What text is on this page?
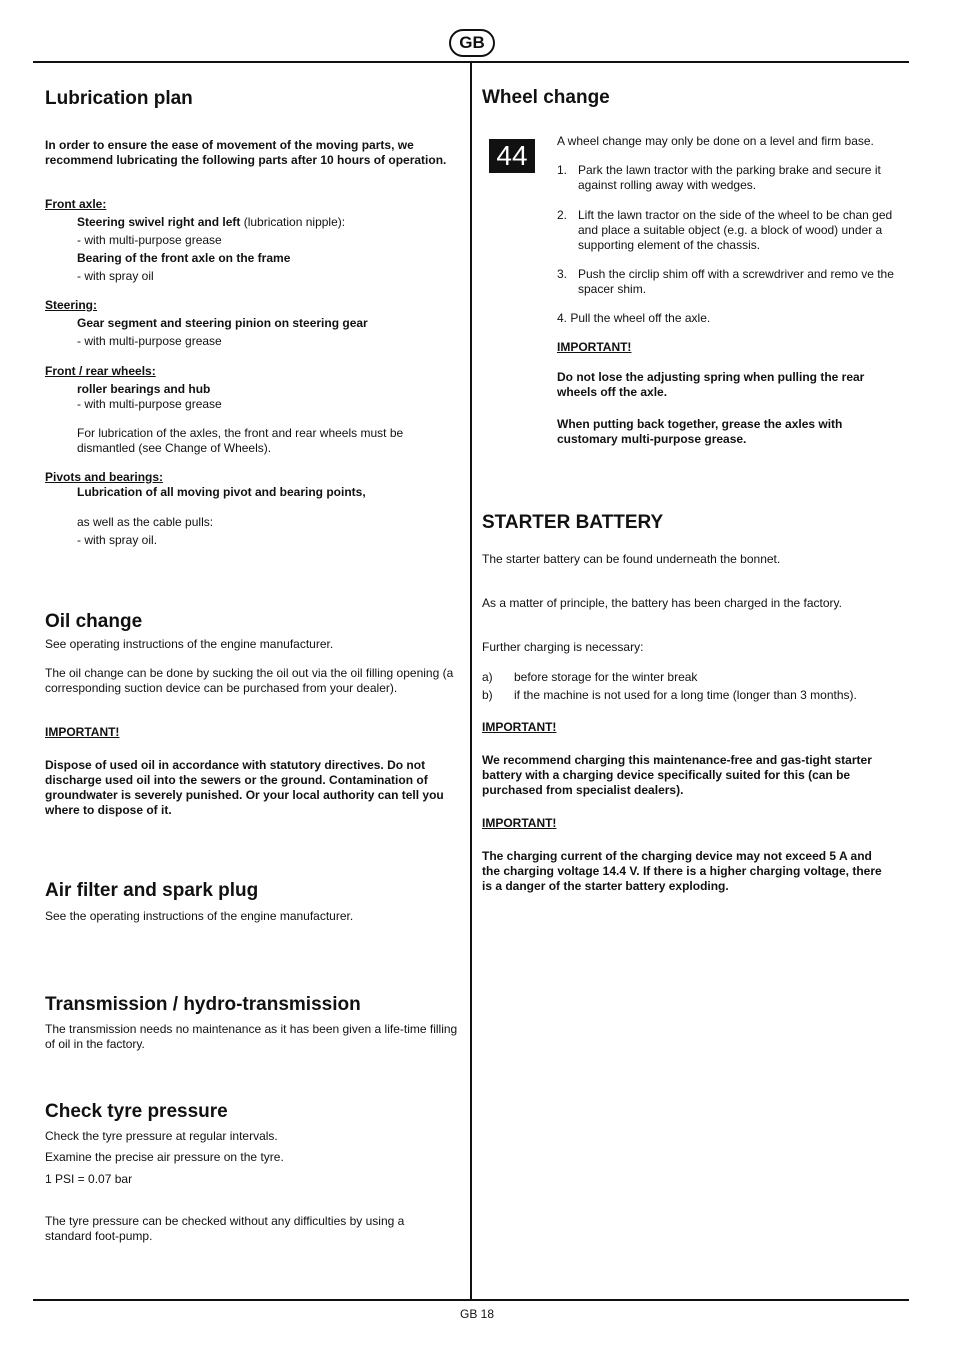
GB
Lubrication plan

In order to ensure the ease of movement of the moving parts, we recommend lubricating the following parts after 10 hours of operation.

Front axle:

Steering swivel right and left (lubrication nipple):

- with multi-purpose grease

Bearing of the front axle on the frame

- with spray oil

Steering:

Gear segment and steering pinion on steering gear

- with multi-purpose grease

Front / rear wheels:

roller bearings and hub

- with multi-purpose grease

For lubrication of the axles, the front and rear wheels must be dismantled (see Change of Wheels).

Pivots and bearings:

Lubrication of all moving pivot and bearing points,

as well as the cable pulls:

- with spray oil.

Oil change

See operating instructions of the engine manufacturer.

The oil change can be done by sucking the oil out via the oil filling opening (a corresponding suction device can be purchased from your dealer).

IMPORTANT!

Dispose of used oil in accordance with statutory directives. Do not discharge used oil into the sewers or the ground. Contamination of groundwater is severely punished. Or your local authority can tell you where to dispose of it.

Air filter and spark plug

See the operating instructions of the engine manufacturer.

Transmission / hydro-transmission

The transmission needs no maintenance as it has been given a life-time filling of oil in the factory.

Check tyre pressure

Check the tyre pressure at regular intervals.

Examine the precise air pressure on the tyre.

1 PSI = 0.07 bar

The tyre pressure can be checked without any difficulties by using a standard foot-pump.

Wheel change
44	A wheel change may only be done on a level and firm base.

1. Park the lawn tractor with the parking brake and secure it against rolling away with wedges.

2. Lift the lawn tractor on the side of the wheel to be chan ged and place a suitable object (e.g. a block of wood) under a supporting element of the chassis.

3. Push the circlip shim off with a screwdriver and remo ve the spacer shim.

4. Pull the wheel off the axle.

IMPORTANT!

Do not lose the adjusting spring when pulling the rear wheels off the axle.

When putting back together, grease the axles with customary multi-purpose grease.

STARTER BATTERY

The starter battery can be found underneath the bonnet.

As a matter of principle, the battery has been charged in the factory.

Further charging is necessary:

a) before storage for the winter break

b) if the machine is not used for a long time (longer than 3 months).

IMPORTANT!

We recommend charging this maintenance-free and gas-tight starter battery with a charging device specifically suited for this (can be purchased from specialist dealers).

IMPORTANT!

The charging current of the charging device may not exceed 5 A and the charging voltage 14.4 V. If there is a higher charging voltage, there is a danger of the starter battery exploding.

GB 18
